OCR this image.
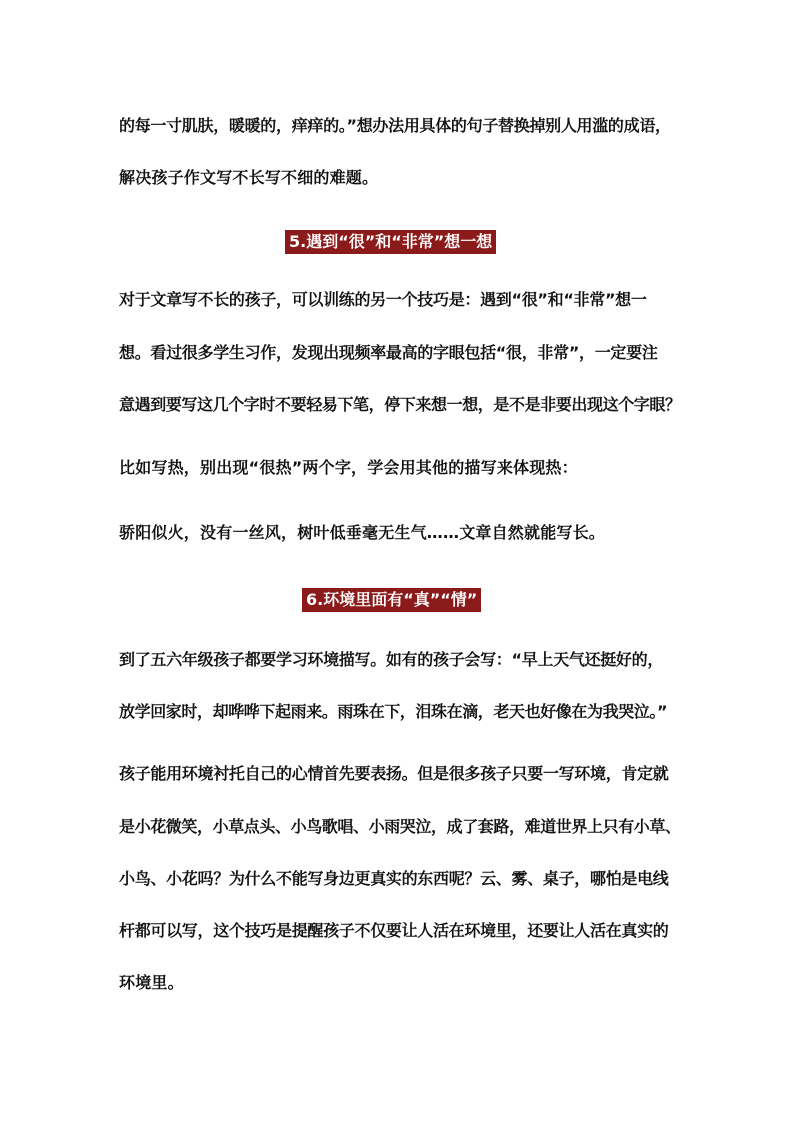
的每一寸肌肤，暖暖的，痒痒的。”想办法用具体的句子替换掉别人用滥的成语，
解决孩子作文写不长写不细的难题。
5.遇到“很”和“非常”想一想
对于文章写不长的孩子，可以训练的另一个技巧是：遇到“很”和“非常”想一
想。看过很多学生习作，发现出现频率最高的字眼包括“很，非常”，一定要注
意遇到要写这几个字时不要轻易下笔，停下来想一想，是不是非要出现这个字眼？
比如写热，别出现“很热”两个字，学会用其他的描写来体现热：
骄阳似火，没有一丝风，树叶低垂毫无生气……文章自然就能写长。
6.环境里面有“真”“情”
到了五六年级孩子都要学习环境描写。如有的孩子会写：“早上天气还挺好的，
放学回家时，却哗哗下起雨来。雨珠在下，泪珠在滴，老天也好像在为我哭泣。”
孩子能用环境衬托自己的心情首先要表扬。但是很多孩子只要一写环境，肯定就
是小花微笑，小草点头、小鸟歌唱、小雨哭泣，成了套路，难道世界上只有小草、
小鸟、小花吗？为什么不能写身边更真实的东西呢？云、雾、桌子，哪怕是电线
杆都可以写，这个技巧是提醒孩子不仅要让人活在环境里，还要让人活在真实的
环境里。
